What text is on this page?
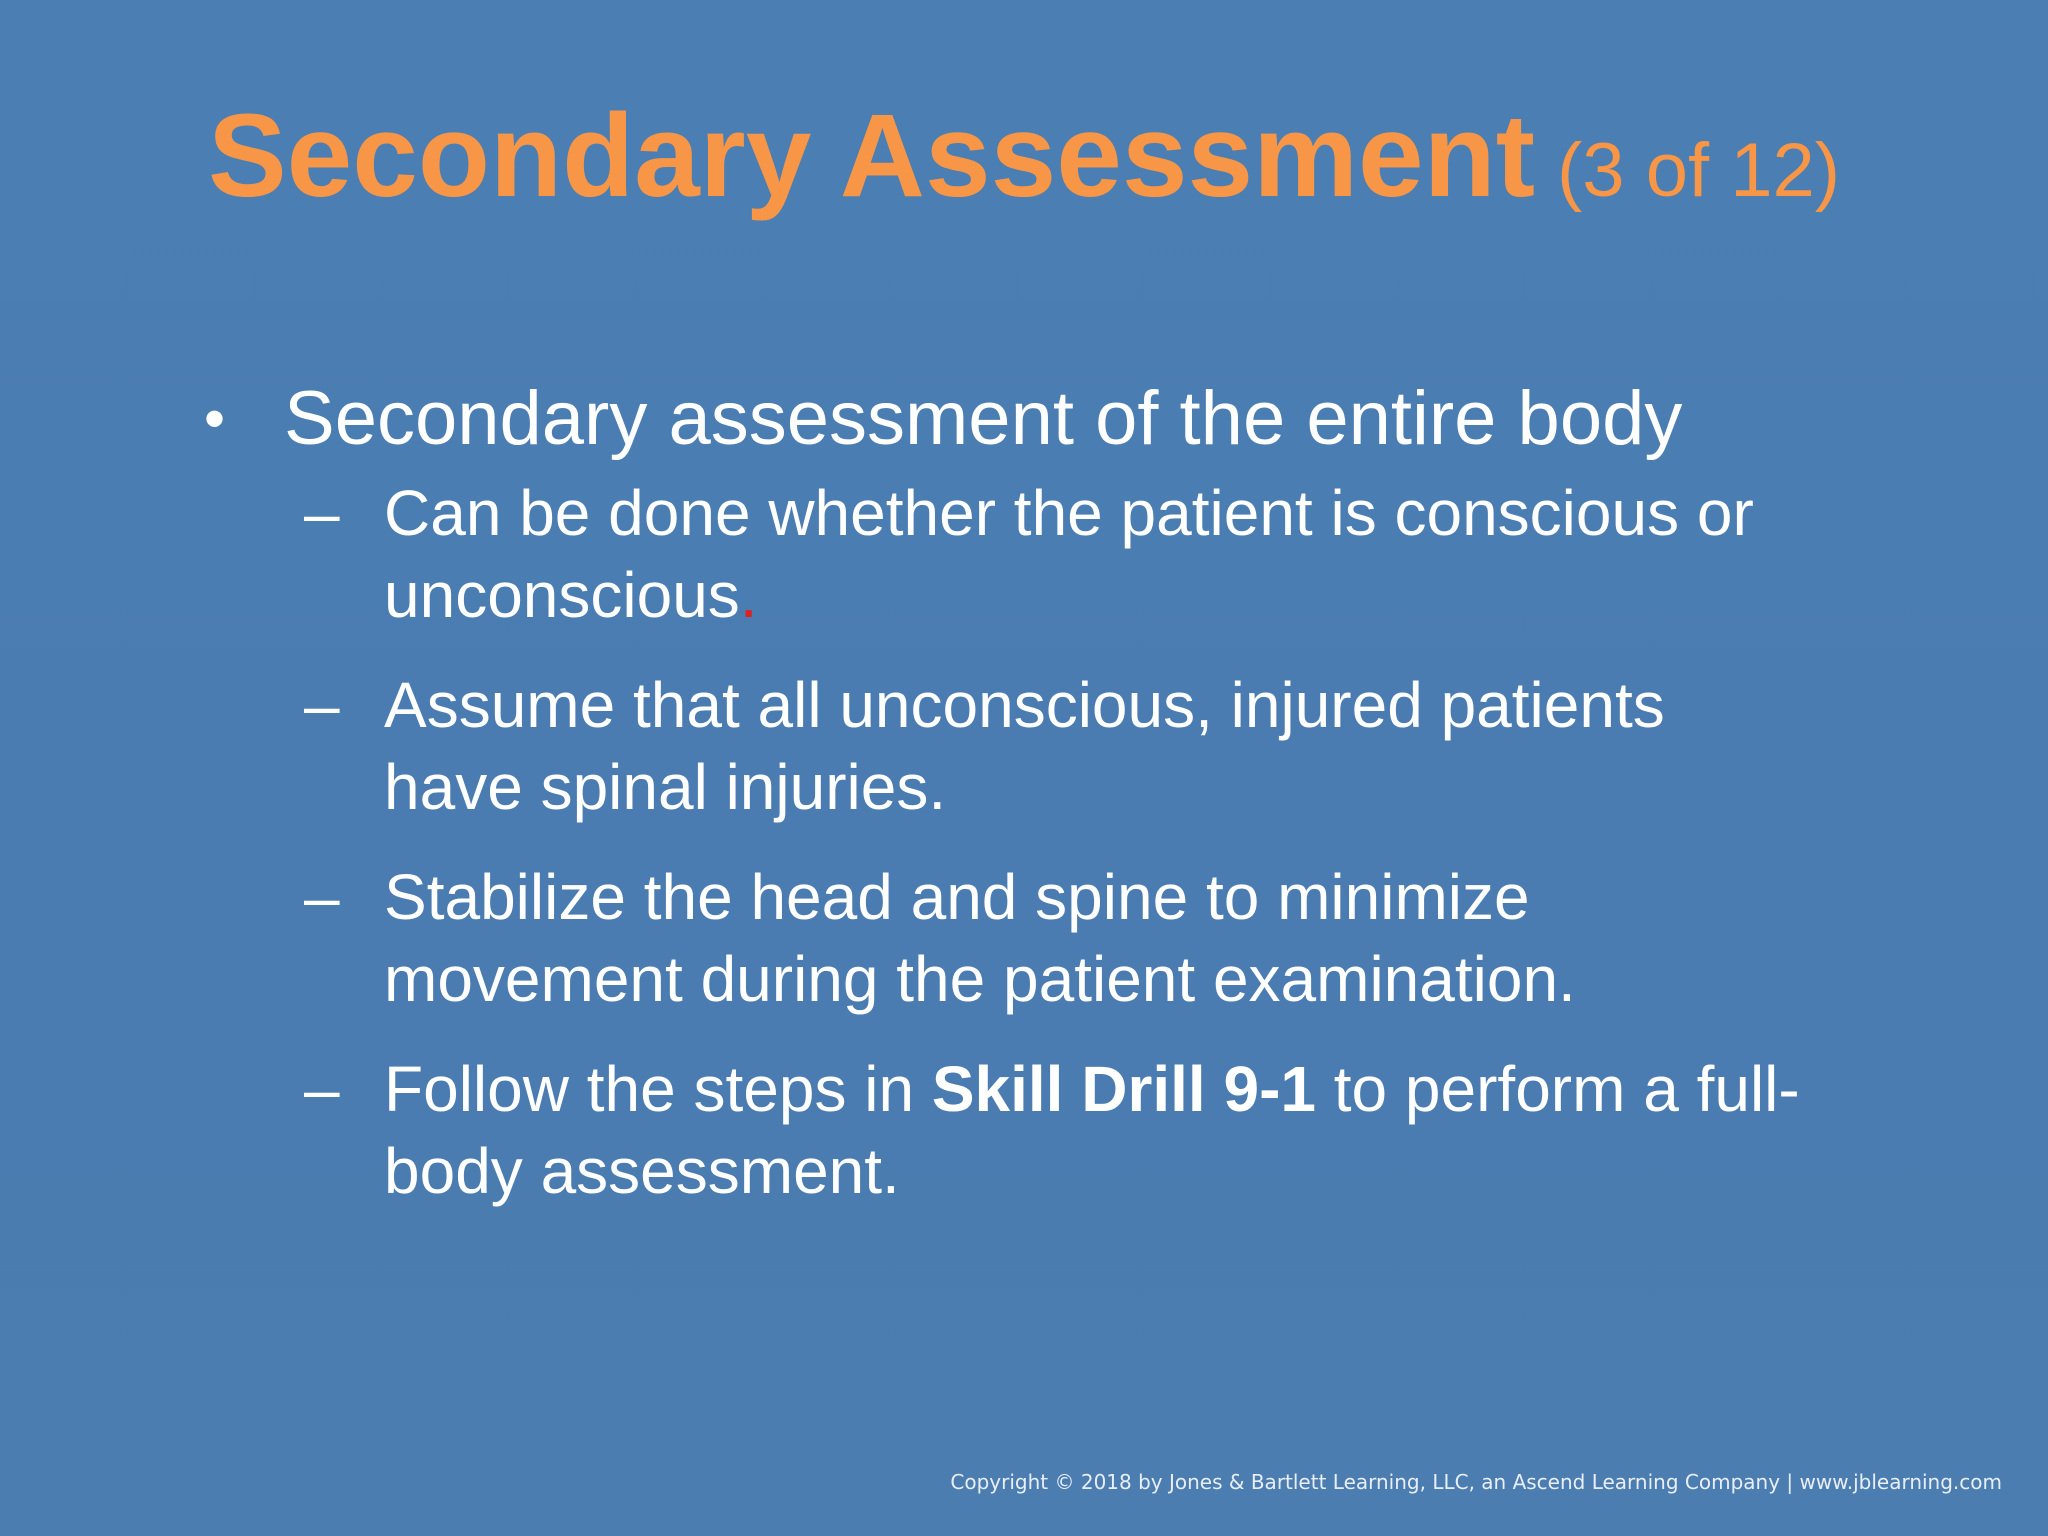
Secondary Assessment (3 of 12)
• Secondary assessment of the entire body
– Can be done whether the patient is conscious or unconscious.
– Assume that all unconscious, injured patients have spinal injuries.
– Stabilize the head and spine to minimize movement during the patient examination.
– Follow the steps in Skill Drill 9-1 to perform a full-body assessment.
Copyright © 2018 by Jones & Bartlett Learning, LLC, an Ascend Learning Company | www.jblearning.com
